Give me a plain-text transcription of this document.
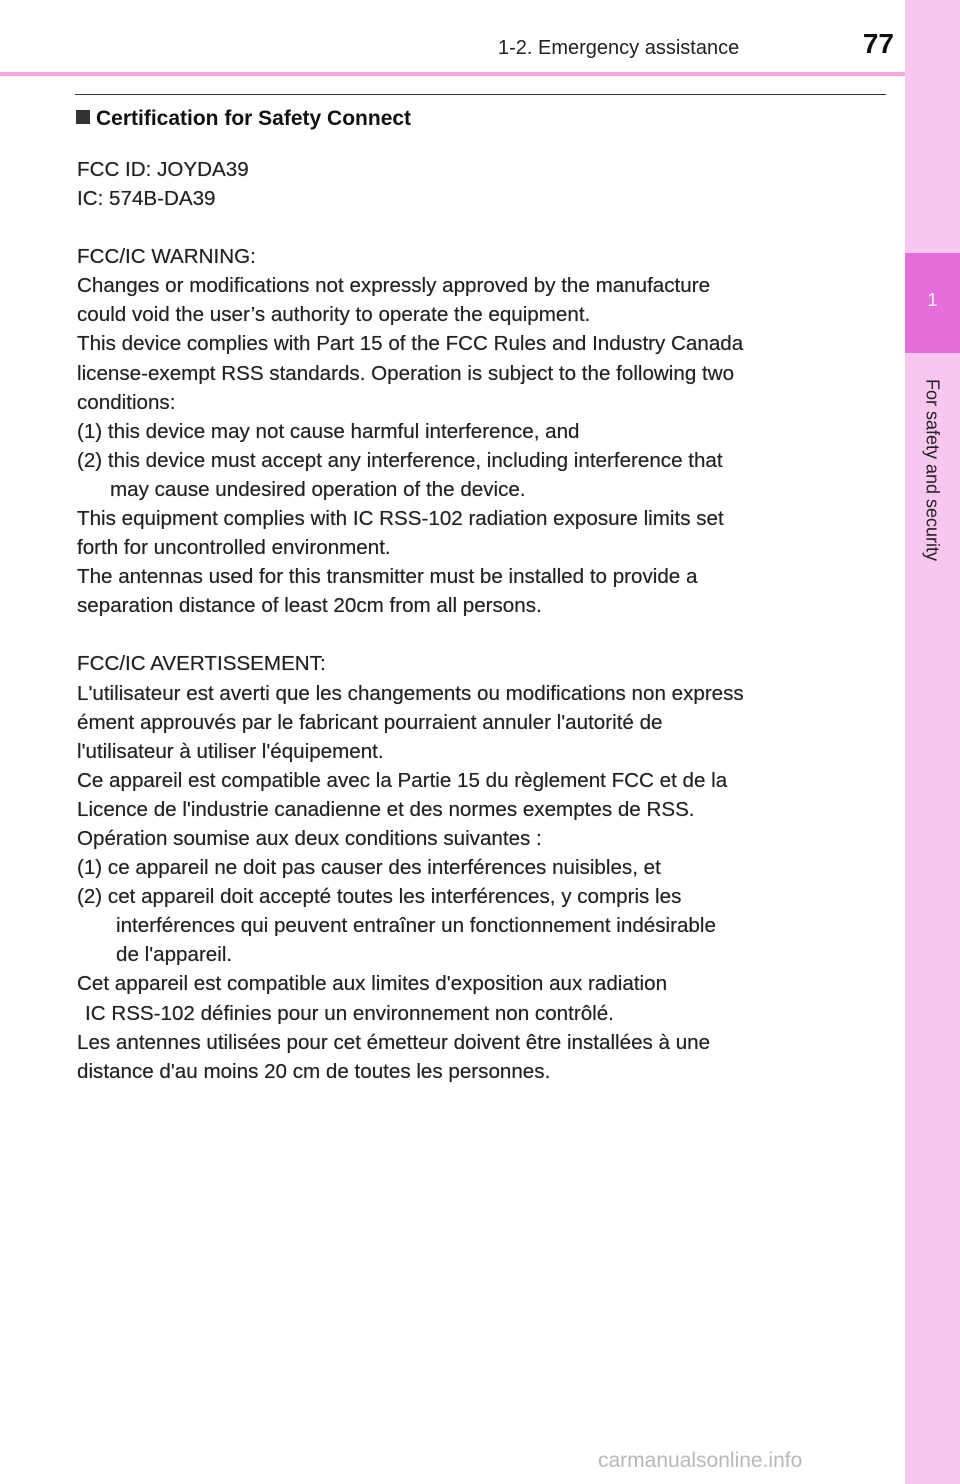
1-2. Emergency assistance	77
1
For safety and security
Certification for Safety Connect

FCC ID: JOYDA39

IC: 574B-DA39

FCC/IC WARNING:

Changes or modifications not expressly approved by the manufacture

could void the user’s authority to operate the equipment.

This device complies with Part 15 of the FCC Rules and Industry Canada

license-exempt RSS standards. Operation is subject to the following two

conditions:

(1) this device may not cause harmful interference, and

(2) this device must accept any interference, including interference that

may cause undesired operation of the device.

This equipment complies with IC RSS-102 radiation exposure limits set

forth for uncontrolled environment.

The antennas used for this transmitter must be installed to provide a

separation distance of least 20cm from all persons.

FCC/IC AVERTISSEMENT:

L'utilisateur est averti que les changements ou modifications non express

ément approuvés par le fabricant pourraient annuler l'autorité de

l'utilisateur à utiliser l'équipement.

Ce appareil est compatible avec la Partie 15 du règlement FCC et de la

Licence de l'industrie canadienne et des normes exemptes de RSS.

Opération soumise aux deux conditions suivantes :

(1) ce appareil ne doit pas causer des interférences nuisibles, et

(2) cet appareil doit accepté toutes les interférences, y compris les

interférences qui peuvent entraîner un fonctionnement indésirable

de l'appareil.

Cet appareil est compatible aux limites d'exposition aux radiation

IC RSS-102 définies pour un environnement non contrôlé.

Les antennes utilisées pour cet émetteur doivent être installées à une

distance d'au moins 20 cm de toutes les personnes.

carmanualsonline.info
